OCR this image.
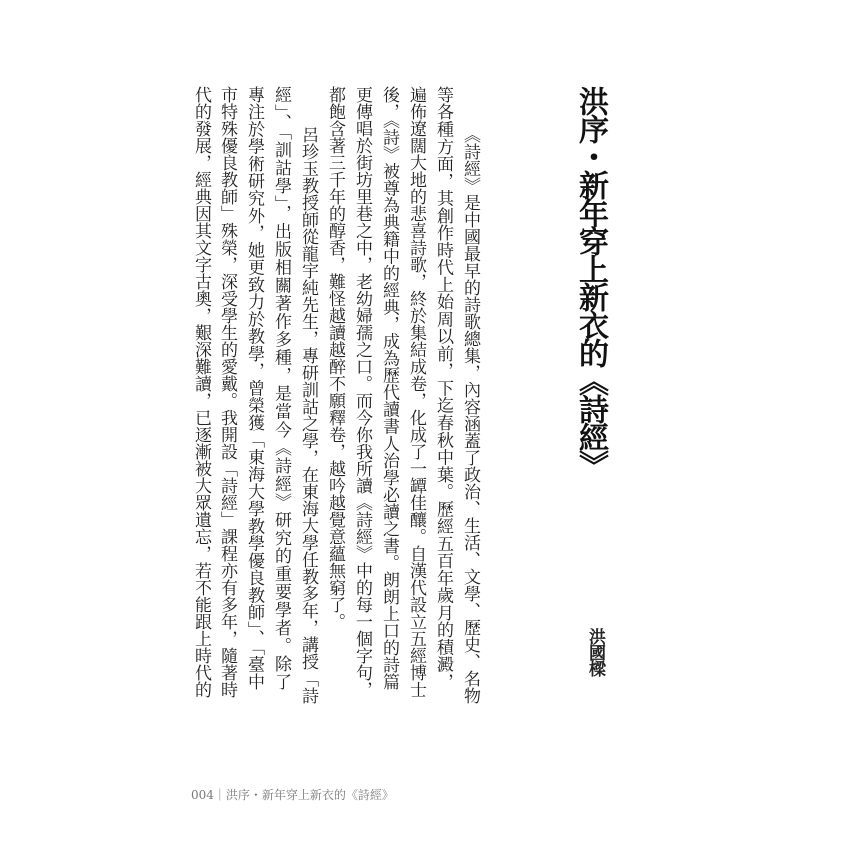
洪序・新年穿上新衣的《詩經》
洪國樑
《詩經》是中國最早的詩歌總集，內容涵蓋了政治、生活、文學、歷史、名物
等各種方面，其創作時代上始周以前，下迄春秋中葉。歷經五百年歲月的積澱，
遍佈遼闊大地的悲喜詩歌，終於集結成卷，化成了一罈佳釀。自漢代設立五經博士
後，《詩》被尊為典籍中的經典，成為歷代讀書人治學必讀之書。朗朗上口的詩篇
更傳唱於街坊里巷之中，老幼婦孺之口。而今你我所讀《詩經》中的每一個字句，
都飽含著三千年的醇香，難怪越讀越醉不願釋卷，越吟越覺意蘊無窮了。
呂珍玉教授師從龍宇純先生，專研訓詁之學，在東海大學任教多年，講授「詩
經」、「訓詁學」，出版相關著作多種，是當今《詩經》研究的重要學者。除了
專注於學術研究外，她更致力於教學，曾榮獲「東海大學教學優良教師」、「臺中
市特殊優良教師」殊榮，深受學生的愛戴。我開設「詩經」課程亦有多年，隨著時
代的發展，經典因其文字古奧，艱深難讀，已逐漸被大眾遺忘，若不能跟上時代的
004｜洪序・新年穿上新衣的《詩經》
